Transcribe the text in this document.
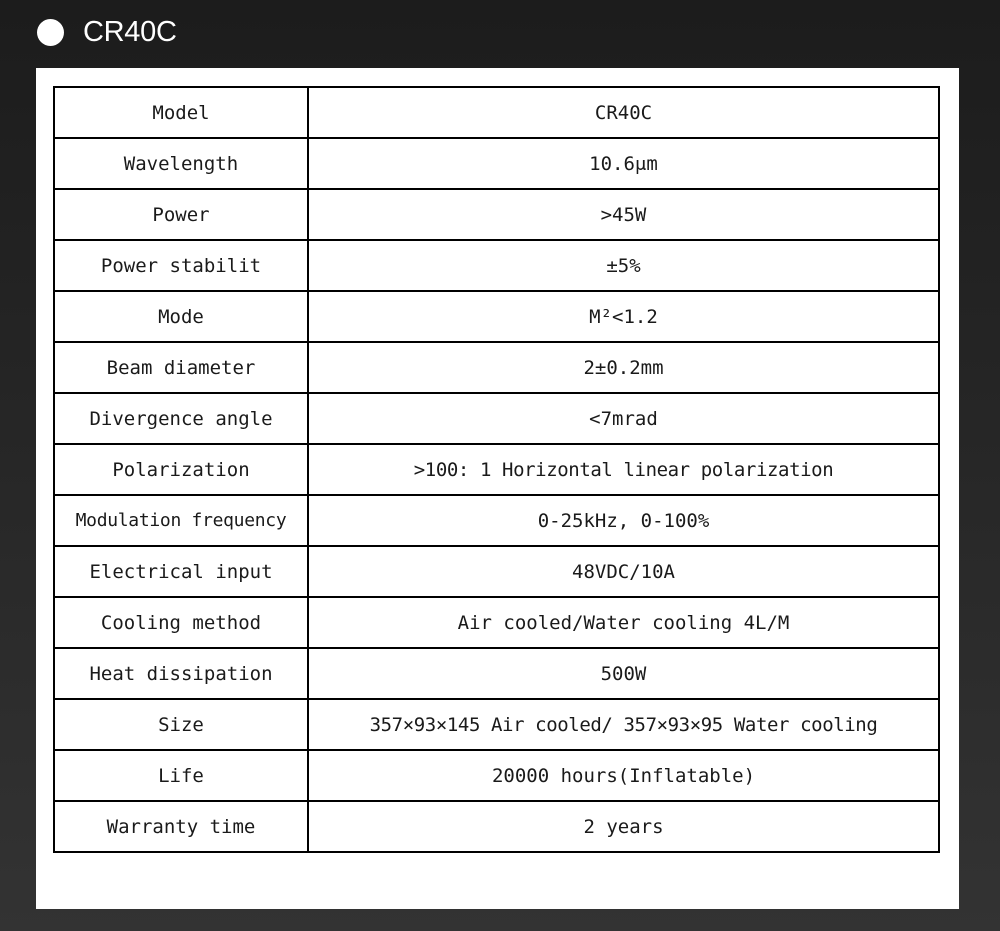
CR40C
Model	CR40C
Wavelength	10.6μm
Power	>45W
Power stabilit	±5%
Mode	M²<1.2
Beam diameter	2±0.2mm
Divergence angle	<7mrad
Polarization	>100: 1 Horizontal linear polarization
Modulation frequency	0-25kHz, 0-100%
Electrical input	48VDC/10A
Cooling method	Air cooled/Water cooling 4L/M
Heat dissipation	500W
Size	357×93×145 Air cooled/ 357×93×95 Water cooling
Life	20000 hours(Inflatable)
Warranty time	2 years
